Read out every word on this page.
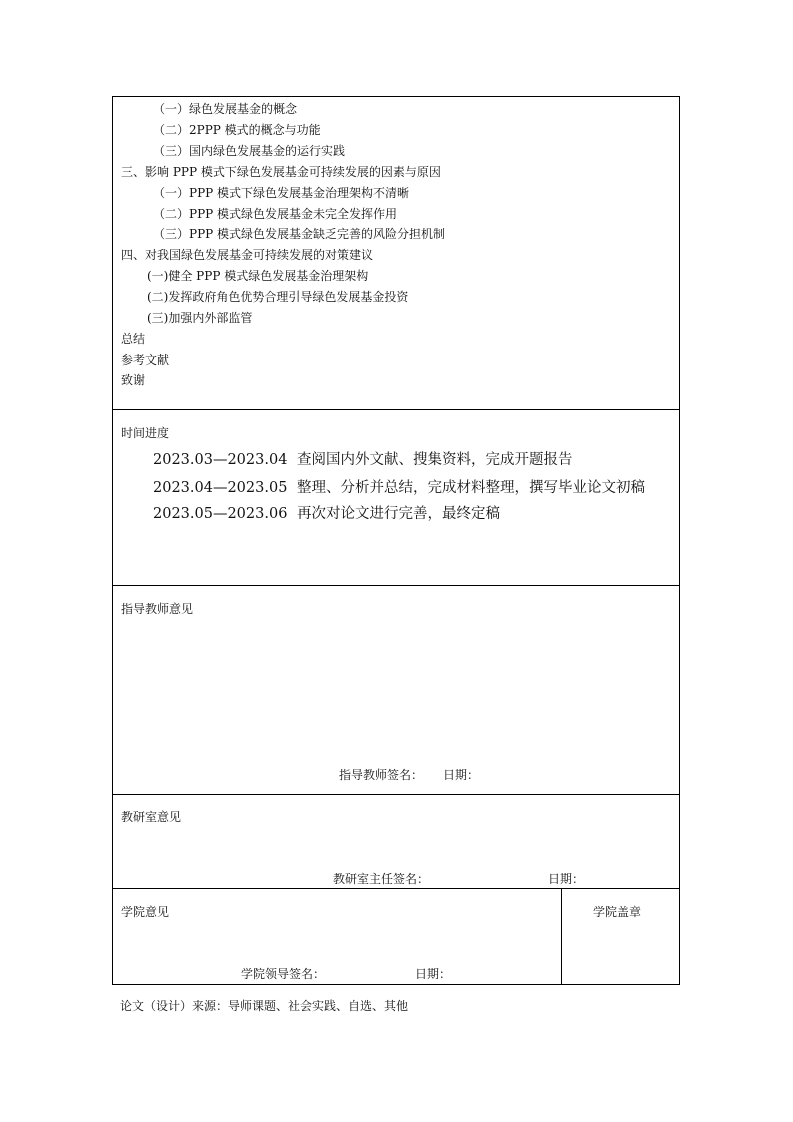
（一）绿色发展基金的概念
（二）2PPP 模式的概念与功能
（三）国内绿色发展基金的运行实践
三、影响 PPP 模式下绿色发展基金可持续发展的因素与原因
（一）PPP 模式下绿色发展基金治理架构不清晰
（二）PPP 模式绿色发展基金未完全发挥作用
（三）PPP 模式绿色发展基金缺乏完善的风险分担机制
四、对我国绿色发展基金可持续发展的对策建议
(一)健全 PPP 模式绿色发展基金治理架构
(二)发挥政府角色优势合理引导绿色发展基金投资
(三)加强内外部监管
总结
参考文献
致谢
时间进度
2023.03—2023.04 查阅国内外文献、搜集资料，完成开题报告
2023.04—2023.05 整理、分析并总结，完成材料整理，撰写毕业论文初稿
2023.05—2023.06 再次对论文进行完善，最终定稿
指导教师意见
指导教师签名： 日期：
教研室意见
教研室主任签名：	日期：
学院意见
学院领导签名：	日期：
学院盖章
论文（设计）来源：导师课题、社会实践、自选、其他
